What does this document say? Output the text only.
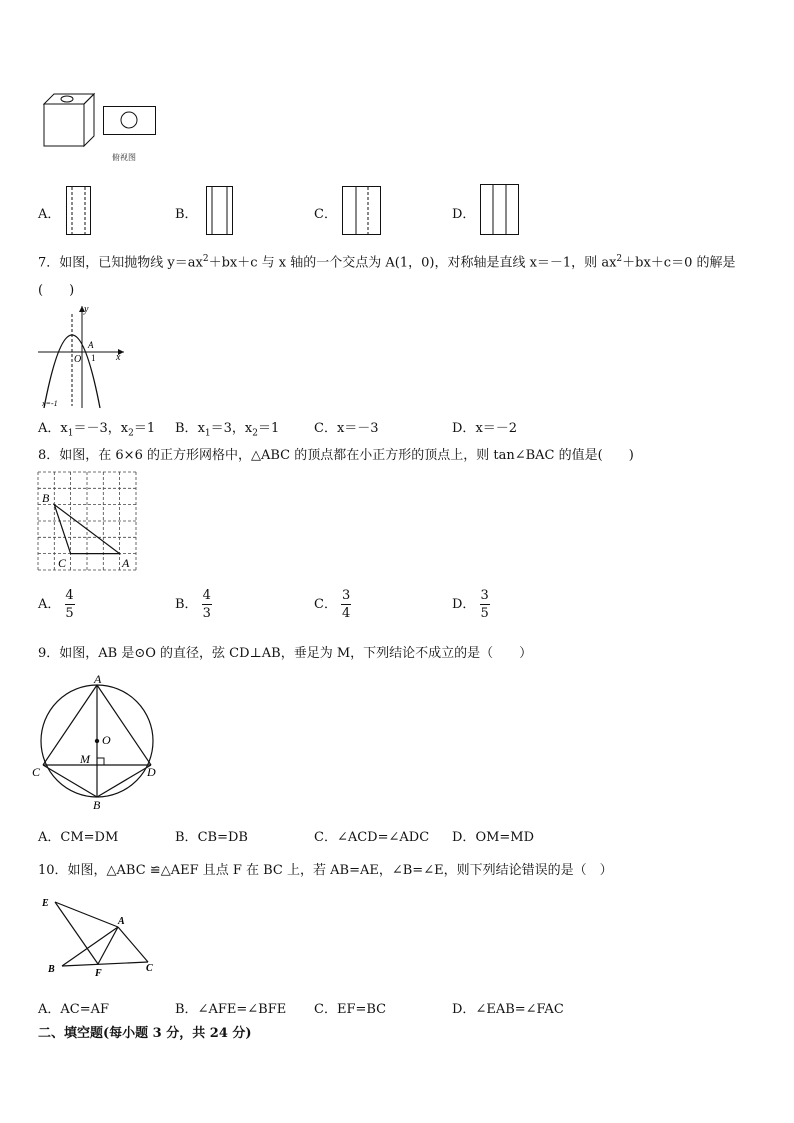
俯视图
A．	B．	C．	D．
7．如图，已知抛物线 $y=ax^2+bx+c$ 与 x 轴的一个交点为 A(1，0)，对称轴是直线 x＝－1，则 $ax^2+bx+c=0$ 的解是
(　　)
y
x
O
A
1
x=-1
A．$x_1=-3$，$x_2=1$ B．$x_1=3$，$x_2=1$	C．x＝－3	D．x＝－2
8．如图，在 6×6 的正方形网格中，△ABC 的顶点都在小正方形的顶点上，则 tan∠BAC 的值是(　　)
B
C	A
A． $\frac{4}{5}$	B． $\frac{4}{3}$	C． $\frac{3}{4}$	D． $\frac{3}{5}$
9．如图，AB 是⊙O 的直径，弦 CD⊥AB，垂足为 M，下列结论不成立的是（　　）
A
O
M
C	D
B
A．CM=DM	B．CB=DB	C．∠ACD=∠ADC D．OM=MD
10．如图，△ABC ≌△AEF 且点 F 在 BC 上，若 AB=AE，∠B=∠E，则下列结论错误的是（　）
E
A
B	F	C
A．AC=AF	B．∠AFE=∠BFE C．EF=BC	D．∠EAB=∠FAC
二、填空题(每小题 3 分，共 24 分)
